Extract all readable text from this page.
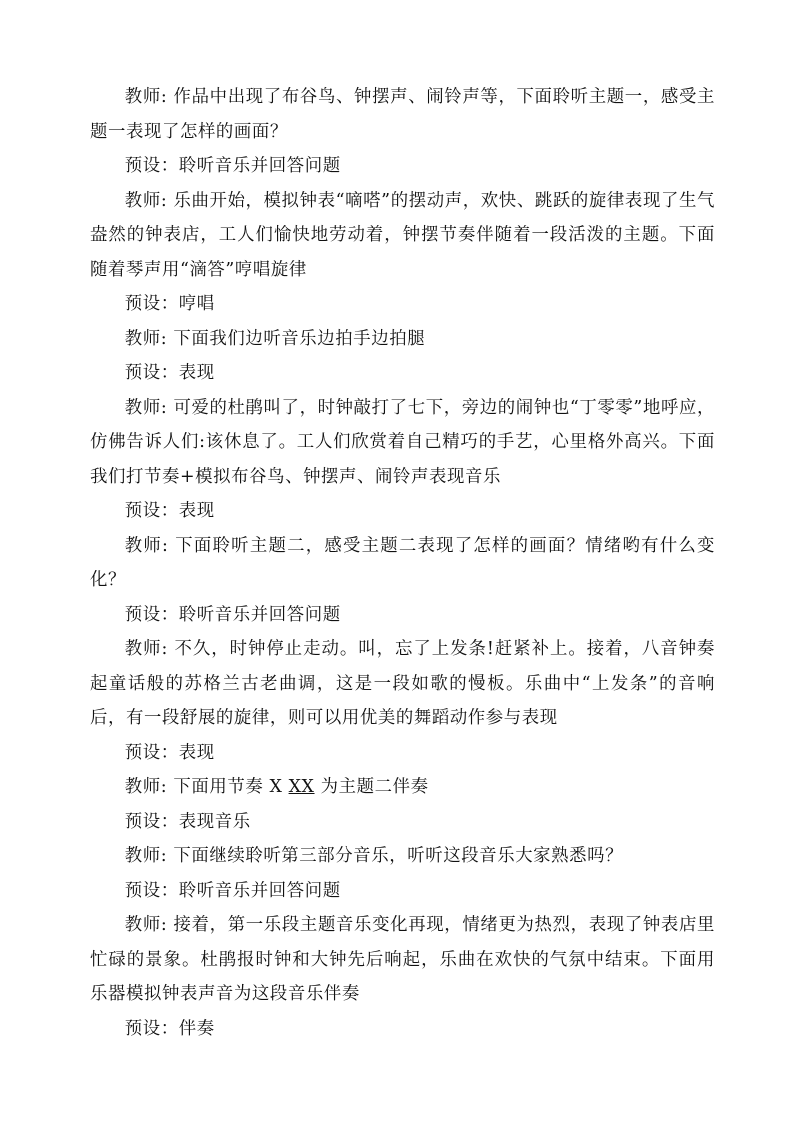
教师: 作品中出现了布谷鸟、钟摆声、闹铃声等，下面聆听主题一，感受主题一表现了怎样的画面？

预设：聆听音乐并回答问题

教师: 乐曲开始，模拟钟表“嘀嗒”的摆动声，欢快、跳跃的旋律表现了生气盎然的钟表店，工人们愉快地劳动着，钟摆节奏伴随着一段活泼的主题。下面随着琴声用“滴答”哼唱旋律

预设：哼唱

教师: 下面我们边听音乐边拍手边拍腿

预设：表现

教师: 可爱的杜鹃叫了，时钟敲打了七下，旁边的闹钟也“丁零零”地呼应，仿佛告诉人们:该休息了。工人们欣赏着自己精巧的手艺，心里格外高兴。下面我们打节奏+模拟布谷鸟、钟摆声、闹铃声表现音乐

预设：表现

教师: 下面聆听主题二，感受主题二表现了怎样的画面？情绪哟有什么变化？

预设：聆听音乐并回答问题

教师: 不久，时钟停止走动。叫，忘了上发条!赶紧补上。接着，八音钟奏起童话般的苏格兰古老曲调，这是一段如歌的慢板。乐曲中“上发条”的音响后，有一段舒展的旋律，则可以用优美的舞蹈动作参与表现

预设：表现

教师: 下面用节奏 X XX 为主题二伴奏

预设：表现音乐

教师: 下面继续聆听第三部分音乐，听听这段音乐大家熟悉吗？

预设：聆听音乐并回答问题

教师: 接着，第一乐段主题音乐变化再现，情绪更为热烈，表现了钟表店里忙碌的景象。杜鹃报时钟和大钟先后响起，乐曲在欢快的气氛中结束。下面用乐器模拟钟表声音为这段音乐伴奏

预设：伴奏
